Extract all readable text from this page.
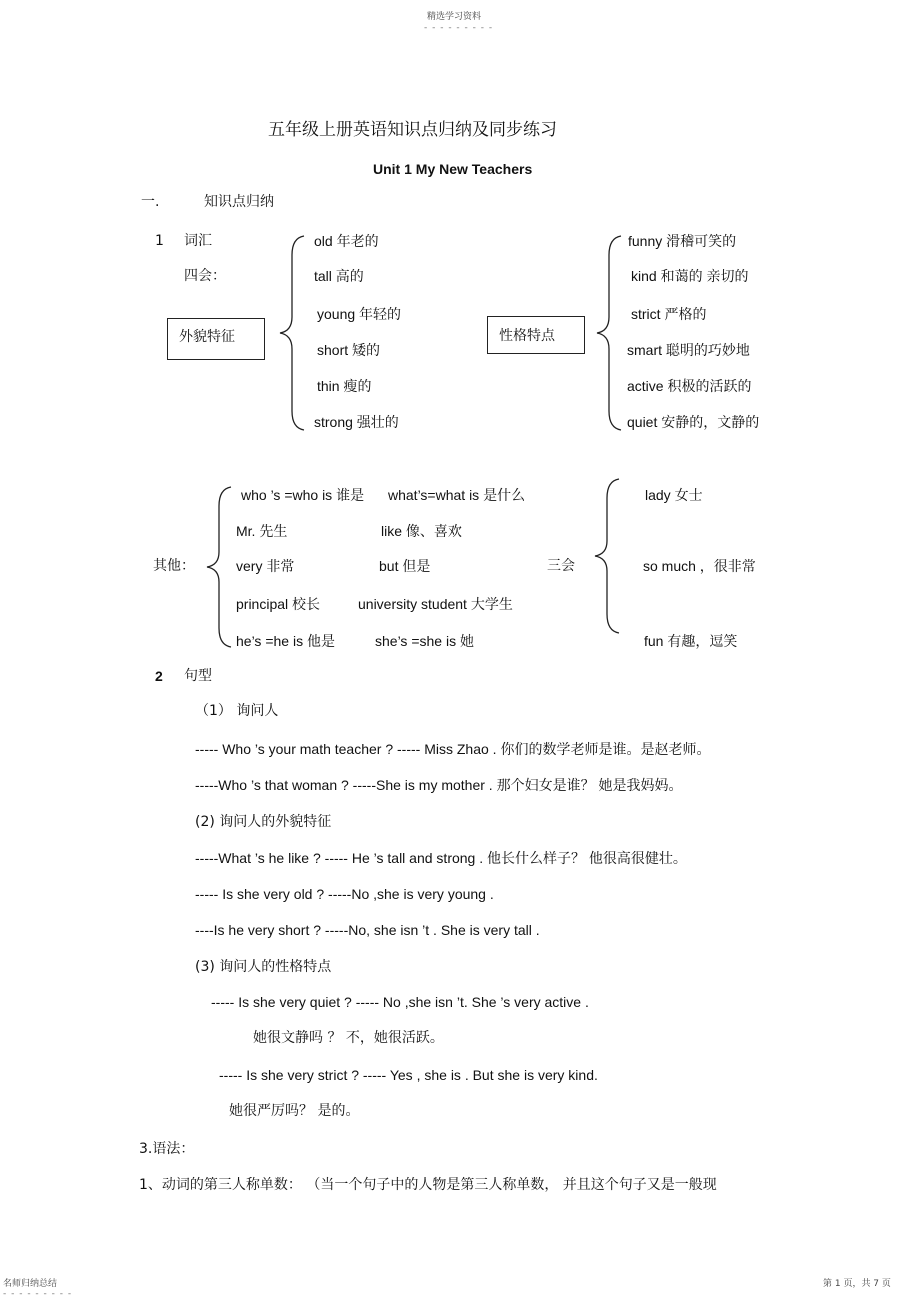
精选学习资料
- - - - - - - - -
五年级上册英语知识点归纳及同步练习
Unit 1 My New Teachers
一.	知识点归纳
1 词汇
四会：
外貌特征
old 年老的
tall 高的
young 年轻的
short 矮的
thin 瘦的
strong 强壮的
性格特点
funny 滑稽可笑的
kind 和蔼的 亲切的
strict 严格的
smart 聪明的巧妙地
active 积极的活跃的
quiet 安静的，文静的
其他：
who ’s =who is 谁是
Mr. 先生
very 非常
principal 校长
he’s =he is 他是
what’s=what is 是什么
like 像、喜欢
but 但是
university student 大学生
she’s =she is 她
三会
lady 女士
so much ，很非常
fun 有趣，逗笑
2 句型
（1） 询问人
----- Who ’s your math teacher ? ----- Miss Zhao . 你们的数学老师是谁。是赵老师。
-----Who ’s that woman ? -----She is my mother . 那个妇女是谁？ 她是我妈妈。
(2) 询问人的外貌特征
-----What ’s he like ? ----- He ’s tall and strong . 他长什么样子？ 他很高很健壮。
----- Is she very old ? -----No ,she is very young .
----Is he very short ? -----No, she isn ’t . She is very tall .
(3) 询问人的性格特点
----- Is she very quiet ? ----- No ,she isn ’t. She ’s very active .
她很文静吗 ？ 不，她很活跃。
----- Is she very strict ? ----- Yes , she is . But she is very kind.
她很严厉吗？ 是的。
3.语法：
1、动词的第三人称单数： （当一个句子中的人物是第三人称单数， 并且这个句子又是一般现
名师归纳总结
- - - - - - - - -
第 1 页，共 7 页
